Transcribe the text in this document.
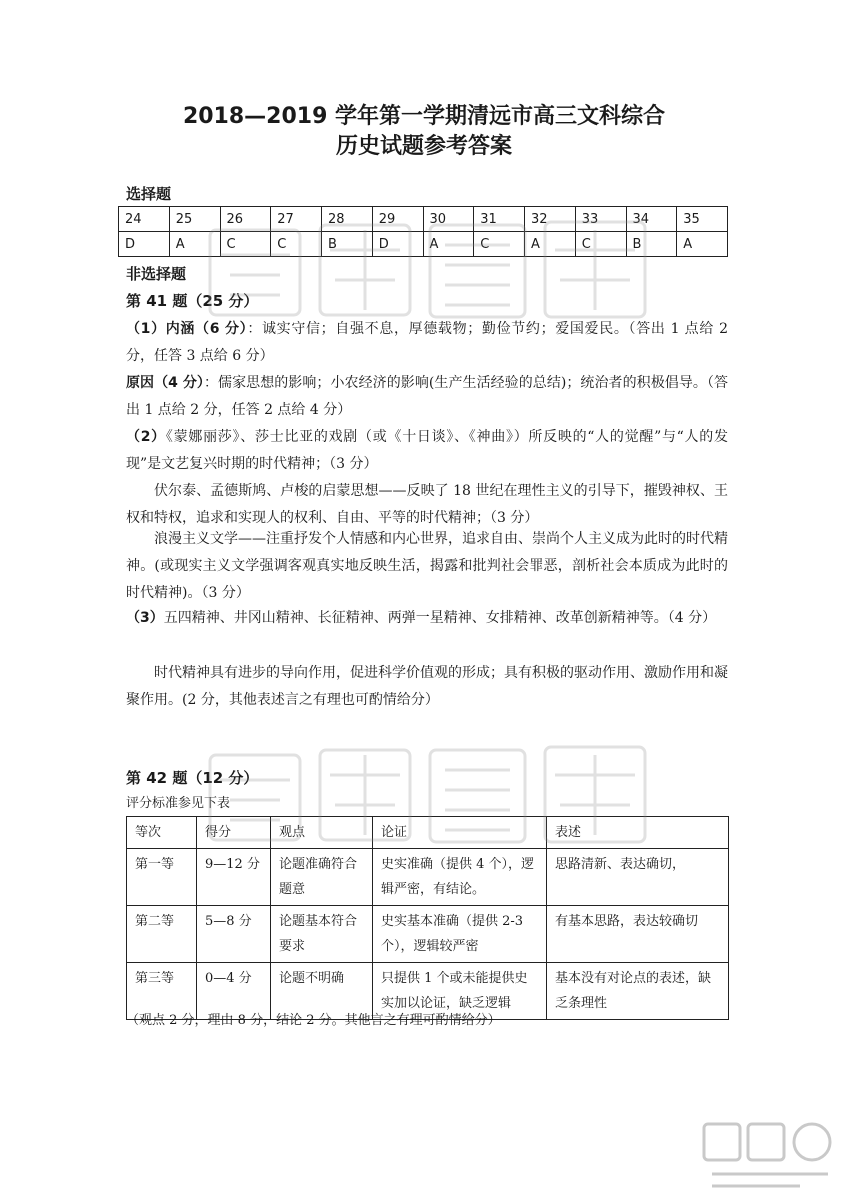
2018—2019 学年第一学期清远市高三文科综合
历史试题参考答案
选择题
24	25	26	27	28	29	30	31	32	33	34	35
D	A	C	C	B	D	A	C	A	C	B	A
非选择题
第 41 题（25 分）
（1）内涵（6 分）：诚实守信；自强不息，厚德载物；勤俭节约；爱国爱民。（答出 1 点给 2 分，任答 3 点给 6 分）
原因（4 分）：儒家思想的影响；小农经济的影响(生产生活经验的总结)；统治者的积极倡导。（答出 1 点给 2 分，任答 2 点给 4 分）
（2）《蒙娜丽莎》、莎士比亚的戏剧（或《十日谈》、《神曲》）所反映的“人的觉醒”与“人的发现”是文艺复兴时期的时代精神；（3 分）
伏尔泰、孟德斯鸠、卢梭的启蒙思想——反映了 18 世纪在理性主义的引导下，摧毁神权、王权和特权，追求和实现人的权利、自由、平等的时代精神；（3 分）
浪漫主义文学——注重抒发个人情感和内心世界，追求自由、崇尚个人主义成为此时的时代精神。(或现实主义文学强调客观真实地反映生活，揭露和批判社会罪恶，剖析社会本质成为此时的时代精神)。（3 分）
（3）五四精神、井冈山精神、长征精神、两弹一星精神、女排精神、改革创新精神等。（4 分）
时代精神具有进步的导向作用，促进科学价值观的形成；具有积极的驱动作用、激励作用和凝聚作用。(2 分，其他表述言之有理也可酌情给分）
第 42 题（12 分）
评分标准参见下表
等次	得分	观点	论证	表述
第一等	9—12 分	论题准确符合题意	史实准确（提供 4 个），逻辑严密，有结论。	思路清新、表达确切，
第二等	5—8 分	论题基本符合要求	史实基本准确（提供 2-3 个），逻辑较严密	有基本思路，表达较确切
第三等	0—4 分	论题不明确	只提供 1 个或未能提供史实加以论证，缺乏逻辑	基本没有对论点的表述，缺乏条理性
（观点 2 分，理由 8 分，结论 2 分。其他言之有理可酌情给分）
